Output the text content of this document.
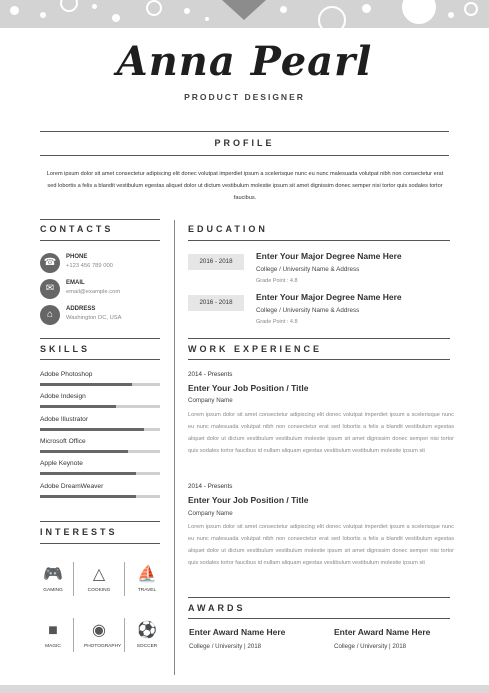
Anna Pearl
PRODUCT DESIGNER
PROFILE
Lorem ipsum dolor sit amet consectetur adipiscing elit donec volutpat imperdiet ipsum a scelerisque nunc eu nunc malesuada volutpat nibh non consectetur erat sed lobortis a felis a blandit vestibulum egestas aliquet dolor ut dictum vestibulum molestie ipsum sit amet dignissim donec semper nisi tortor quis sodales tortor faucibus.
CONTACTS
☎	PHONE
+123 456 789 000
✉	EMAIL
email@example.com
⌂	ADDRESS
Washington DC, USA
SKILLS
Adobe Photoshop
Adobe Indesign
Adobe Illustrator
Microsoft Office
Apple Keynote
Adobe DreamWeaver
INTERESTS
🎮
GAMING
△
COOKING
⛵
TRAVEL
■
MAGIC
◉
PHOTOGRAPHY
⚽
SOCCER
EDUCATION
2016 - 2018
Enter Your Major Degree Name Here
College / University Name & Address
Grade Point : 4.8
2016 - 2018
Enter Your Major Degree Name Here
College / University Name & Address
Grade Point : 4.8
WORK EXPERIENCE
2014 - Presents
Enter Your Job Position / Title
Company Name
Lorem ipsum dolor sit amet consectetur adipiscing elit donec volutpat imperdiet ipsum a scelerisque nunc eu nunc malesuada volutpat nibh non consectetur erat sed lobortis a felis a blandit vestibulum egestas aliquet dolor ut dictum vestibulum vestibulum molestie ipsum sit amet dignissim donec semper nisi tortor quis sodales tortor faucibus id nullam aliquam egestas vestibulum vestibulum molestie ipsum sit
2014 - Presents
Enter Your Job Position / Title
Company Name
Lorem ipsum dolor sit amet consectetur adipiscing elit donec volutpat imperdiet ipsum a scelerisque nunc eu nunc malesuada volutpat nibh non consectetur erat sed lobortis a felis a blandit vestibulum egestas aliquet dolor ut dictum vestibulum vestibulum molestie ipsum sit amet dignissim donec semper nisi tortor quis sodales tortor faucibus id nullam aliquam egestas vestibulum vestibulum molestie ipsum sit
AWARDS
Enter Award Name Here
College / University | 2018
Enter Award Name Here
College / University | 2018
